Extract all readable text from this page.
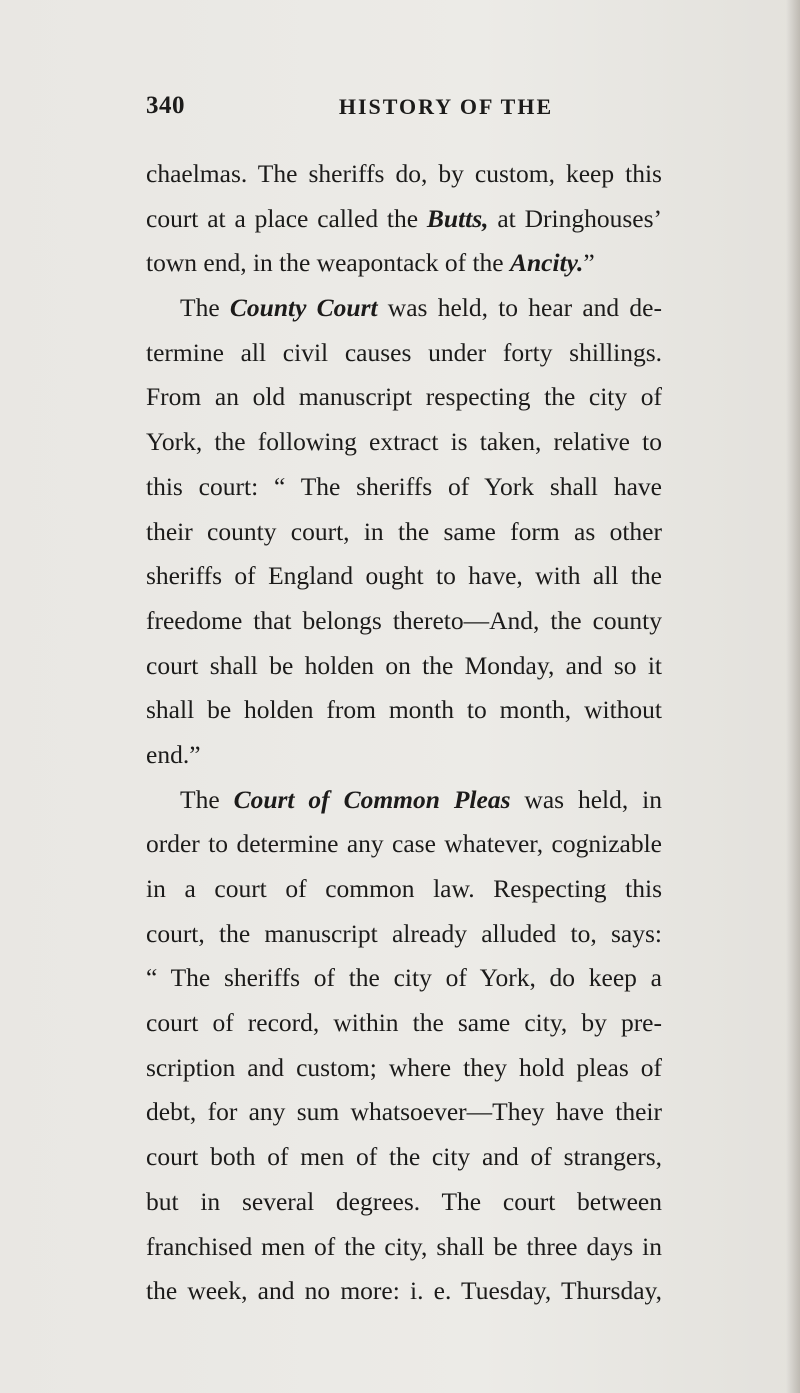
340	HISTORY OF THE
chaelmas. The sheriffs do, by custom, keep this
court at a place called the Butts, at Dringhouses’
town end, in the weapontack of the Ancity.”
The County Court was held, to hear and de-
termine all civil causes under forty shillings.
From an old manuscript respecting the city of
York, the following extract is taken, relative to
this court: “ The sheriffs of York shall have
their county court, in the same form as other
sheriffs of England ought to have, with all the
freedome that belongs thereto—And, the county
court shall be holden on the Monday, and so it
shall be holden from month to month, without
end.”
The Court of Common Pleas was held, in
order to determine any case whatever, cognizable
in a court of common law. Respecting this
court, the manuscript already alluded to, says:
“ The sheriffs of the city of York, do keep a
court of record, within the same city, by pre-
scription and custom; where they hold pleas of
debt, for any sum whatsoever—They have their
court both of men of the city and of strangers,
but in several degrees. The court between
franchised men of the city, shall be three days in
the week, and no more: i. e. Tuesday, Thursday,
